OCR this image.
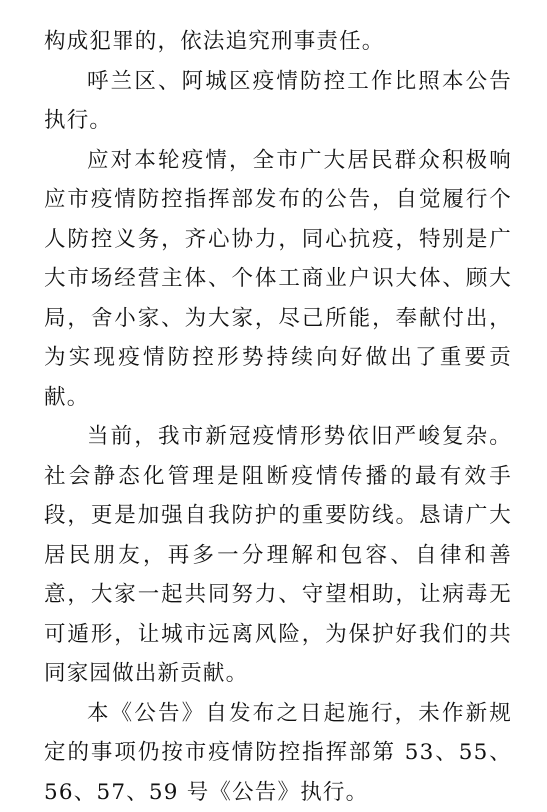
构成犯罪的，依法追究刑事责任。

呼兰区、阿城区疫情防控工作比照本公告执行。

应对本轮疫情，全市广大居民群众积极响应市疫情防控指挥部发布的公告，自觉履行个人防控义务，齐心协力，同心抗疫，特别是广大市场经营主体、个体工商业户识大体、顾大局，舍小家、为大家，尽己所能，奉献付出，为实现疫情防控形势持续向好做出了重要贡献。

当前，我市新冠疫情形势依旧严峻复杂。社会静态化管理是阻断疫情传播的最有效手段，更是加强自我防护的重要防线。恳请广大居民朋友，再多一分理解和包容、自律和善意，大家一起共同努力、守望相助，让病毒无可遁形，让城市远离风险，为保护好我们的共同家园做出新贡献。

本《公告》自发布之日起施行，未作新规定的事项仍按市疫情防控指挥部第 53、55、56、57、59 号《公告》执行。
